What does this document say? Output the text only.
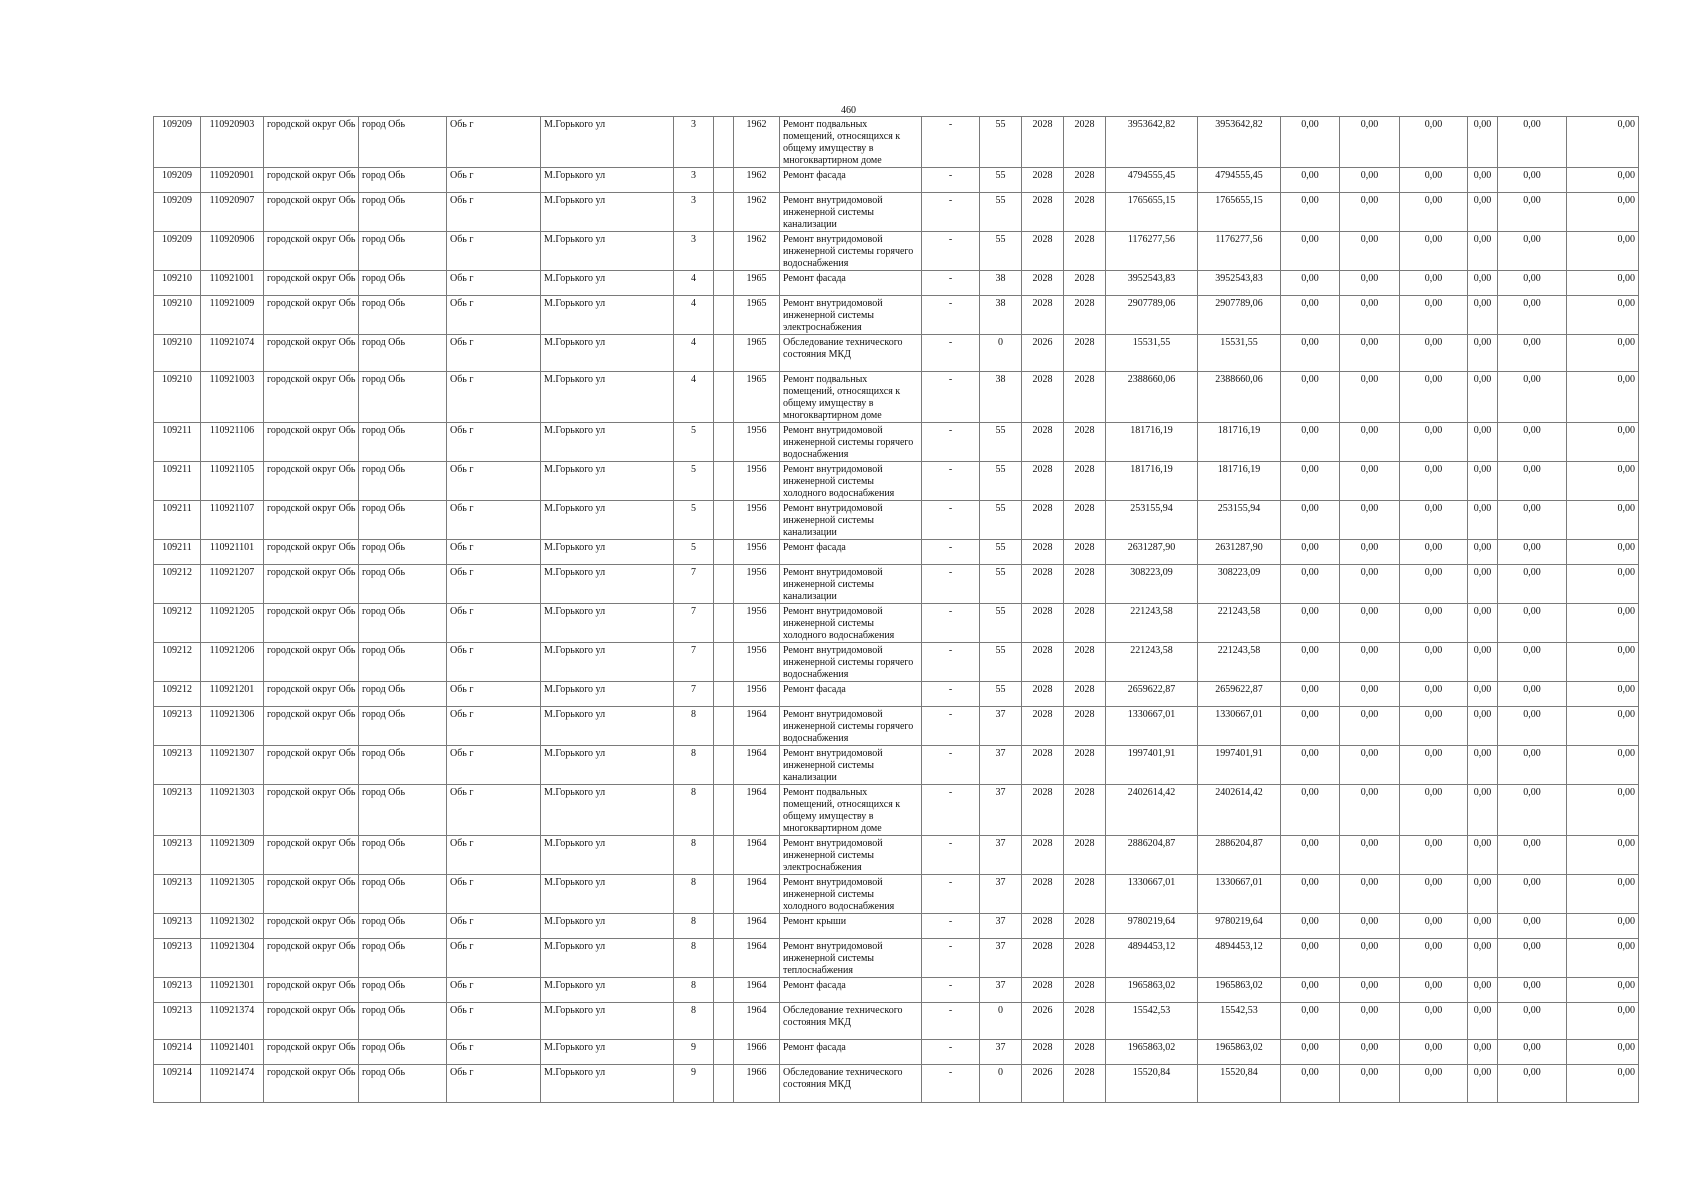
460
109209	110920903	городской округ Обь	город Обь	Обь г	М.Горького ул	3		1962	Ремонт подвальных помещений, относящихся к общему имуществу в многоквартирном доме	-	55	2028	2028	3953642,82	3953642,82	0,00	0,00	0,00	0,00	0,00	0,00
109209	110920901	городской округ Обь	город Обь	Обь г	М.Горького ул	3		1962	Ремонт фасада	-	55	2028	2028	4794555,45	4794555,45	0,00	0,00	0,00	0,00	0,00	0,00
109209	110920907	городской округ Обь	город Обь	Обь г	М.Горького ул	3		1962	Ремонт внутридомовой инженерной системы канализации	-	55	2028	2028	1765655,15	1765655,15	0,00	0,00	0,00	0,00	0,00	0,00
109209	110920906	городской округ Обь	город Обь	Обь г	М.Горького ул	3		1962	Ремонт внутридомовой инженерной системы горячего водоснабжения	-	55	2028	2028	1176277,56	1176277,56	0,00	0,00	0,00	0,00	0,00	0,00
109210	110921001	городской округ Обь	город Обь	Обь г	М.Горького ул	4		1965	Ремонт фасада	-	38	2028	2028	3952543,83	3952543,83	0,00	0,00	0,00	0,00	0,00	0,00
109210	110921009	городской округ Обь	город Обь	Обь г	М.Горького ул	4		1965	Ремонт внутридомовой инженерной системы электроснабжения	-	38	2028	2028	2907789,06	2907789,06	0,00	0,00	0,00	0,00	0,00	0,00
109210	110921074	городской округ Обь	город Обь	Обь г	М.Горького ул	4		1965	Обследование технического состояния МКД	-	0	2026	2028	15531,55	15531,55	0,00	0,00	0,00	0,00	0,00	0,00
109210	110921003	городской округ Обь	город Обь	Обь г	М.Горького ул	4		1965	Ремонт подвальных помещений, относящихся к общему имуществу в многоквартирном доме	-	38	2028	2028	2388660,06	2388660,06	0,00	0,00	0,00	0,00	0,00	0,00
109211	110921106	городской округ Обь	город Обь	Обь г	М.Горького ул	5		1956	Ремонт внутридомовой инженерной системы горячего водоснабжения	-	55	2028	2028	181716,19	181716,19	0,00	0,00	0,00	0,00	0,00	0,00
109211	110921105	городской округ Обь	город Обь	Обь г	М.Горького ул	5		1956	Ремонт внутридомовой инженерной системы холодного водоснабжения	-	55	2028	2028	181716,19	181716,19	0,00	0,00	0,00	0,00	0,00	0,00
109211	110921107	городской округ Обь	город Обь	Обь г	М.Горького ул	5		1956	Ремонт внутридомовой инженерной системы канализации	-	55	2028	2028	253155,94	253155,94	0,00	0,00	0,00	0,00	0,00	0,00
109211	110921101	городской округ Обь	город Обь	Обь г	М.Горького ул	5		1956	Ремонт фасада	-	55	2028	2028	2631287,90	2631287,90	0,00	0,00	0,00	0,00	0,00	0,00
109212	110921207	городской округ Обь	город Обь	Обь г	М.Горького ул	7		1956	Ремонт внутридомовой инженерной системы канализации	-	55	2028	2028	308223,09	308223,09	0,00	0,00	0,00	0,00	0,00	0,00
109212	110921205	городской округ Обь	город Обь	Обь г	М.Горького ул	7		1956	Ремонт внутридомовой инженерной системы холодного водоснабжения	-	55	2028	2028	221243,58	221243,58	0,00	0,00	0,00	0,00	0,00	0,00
109212	110921206	городской округ Обь	город Обь	Обь г	М.Горького ул	7		1956	Ремонт внутридомовой инженерной системы горячего водоснабжения	-	55	2028	2028	221243,58	221243,58	0,00	0,00	0,00	0,00	0,00	0,00
109212	110921201	городской округ Обь	город Обь	Обь г	М.Горького ул	7		1956	Ремонт фасада	-	55	2028	2028	2659622,87	2659622,87	0,00	0,00	0,00	0,00	0,00	0,00
109213	110921306	городской округ Обь	город Обь	Обь г	М.Горького ул	8		1964	Ремонт внутридомовой инженерной системы горячего водоснабжения	-	37	2028	2028	1330667,01	1330667,01	0,00	0,00	0,00	0,00	0,00	0,00
109213	110921307	городской округ Обь	город Обь	Обь г	М.Горького ул	8		1964	Ремонт внутридомовой инженерной системы канализации	-	37	2028	2028	1997401,91	1997401,91	0,00	0,00	0,00	0,00	0,00	0,00
109213	110921303	городской округ Обь	город Обь	Обь г	М.Горького ул	8		1964	Ремонт подвальных помещений, относящихся к общему имуществу в многоквартирном доме	-	37	2028	2028	2402614,42	2402614,42	0,00	0,00	0,00	0,00	0,00	0,00
109213	110921309	городской округ Обь	город Обь	Обь г	М.Горького ул	8		1964	Ремонт внутридомовой инженерной системы электроснабжения	-	37	2028	2028	2886204,87	2886204,87	0,00	0,00	0,00	0,00	0,00	0,00
109213	110921305	городской округ Обь	город Обь	Обь г	М.Горького ул	8		1964	Ремонт внутридомовой инженерной системы холодного водоснабжения	-	37	2028	2028	1330667,01	1330667,01	0,00	0,00	0,00	0,00	0,00	0,00
109213	110921302	городской округ Обь	город Обь	Обь г	М.Горького ул	8		1964	Ремонт крыши	-	37	2028	2028	9780219,64	9780219,64	0,00	0,00	0,00	0,00	0,00	0,00
109213	110921304	городской округ Обь	город Обь	Обь г	М.Горького ул	8		1964	Ремонт внутридомовой инженерной системы теплоснабжения	-	37	2028	2028	4894453,12	4894453,12	0,00	0,00	0,00	0,00	0,00	0,00
109213	110921301	городской округ Обь	город Обь	Обь г	М.Горького ул	8		1964	Ремонт фасада	-	37	2028	2028	1965863,02	1965863,02	0,00	0,00	0,00	0,00	0,00	0,00
109213	110921374	городской округ Обь	город Обь	Обь г	М.Горького ул	8		1964	Обследование технического состояния МКД	-	0	2026	2028	15542,53	15542,53	0,00	0,00	0,00	0,00	0,00	0,00
109214	110921401	городской округ Обь	город Обь	Обь г	М.Горького ул	9		1966	Ремонт фасада	-	37	2028	2028	1965863,02	1965863,02	0,00	0,00	0,00	0,00	0,00	0,00
109214	110921474	городской округ Обь	город Обь	Обь г	М.Горького ул	9		1966	Обследование технического состояния МКД	-	0	2026	2028	15520,84	15520,84	0,00	0,00	0,00	0,00	0,00	0,00
